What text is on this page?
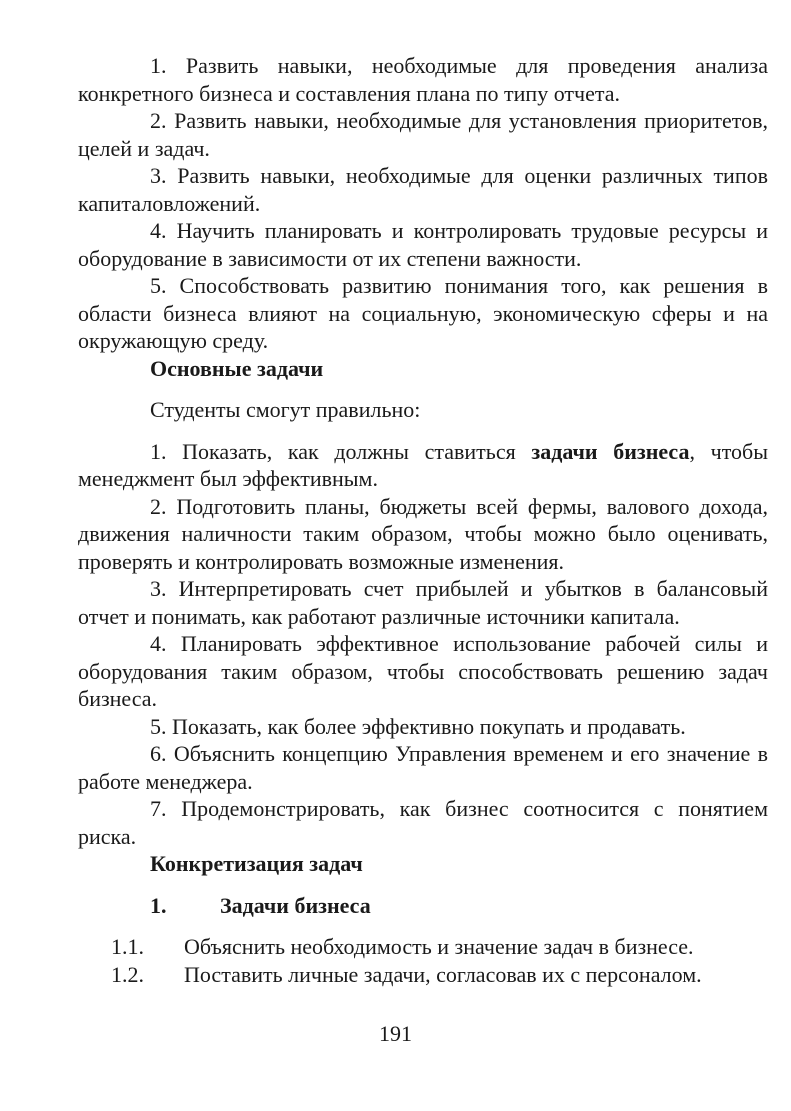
1. Развить навыки, необходимые для проведения анализа конкретного бизнеса и составления плана по типу отчета.

2. Развить навыки, необходимые для установления приоритетов, целей и задач.

3. Развить навыки, необходимые для оценки различных типов капиталовложений.

4. Научить планировать и контролировать трудовые ресурсы и оборудование в зависимости от их степени важности.

5. Способствовать развитию понимания того, как решения в области бизнеса влияют на социальную, экономическую сферы и на окружающую среду.

Основные задачи

Студенты смогут правильно:

1. Показать, как должны ставиться задачи бизнеса, чтобы менеджмент был эффективным.

2. Подготовить планы, бюджеты всей фермы, валового дохода, движения наличности таким образом, чтобы можно было оценивать, проверять и контролировать возможные изменения.

3. Интерпретировать счет прибылей и убытков в балансовый отчет и понимать, как работают различные источники капитала.

4. Планировать эффективное использование рабочей силы и оборудования таким образом, чтобы способствовать решению задач бизнеса.

5. Показать, как более эффективно покупать и продавать.

6. Объяснить концепцию Управления временем и его значение в работе менеджера.

7. Продемонстрировать, как бизнес соотносится с понятием риска.

Конкретизация задач

1.	Задачи бизнеса
1.1.	Объяснить необходимость и значение задач в бизнесе.
1.2.	Поставить личные задачи, согласовав их с персоналом.
191
